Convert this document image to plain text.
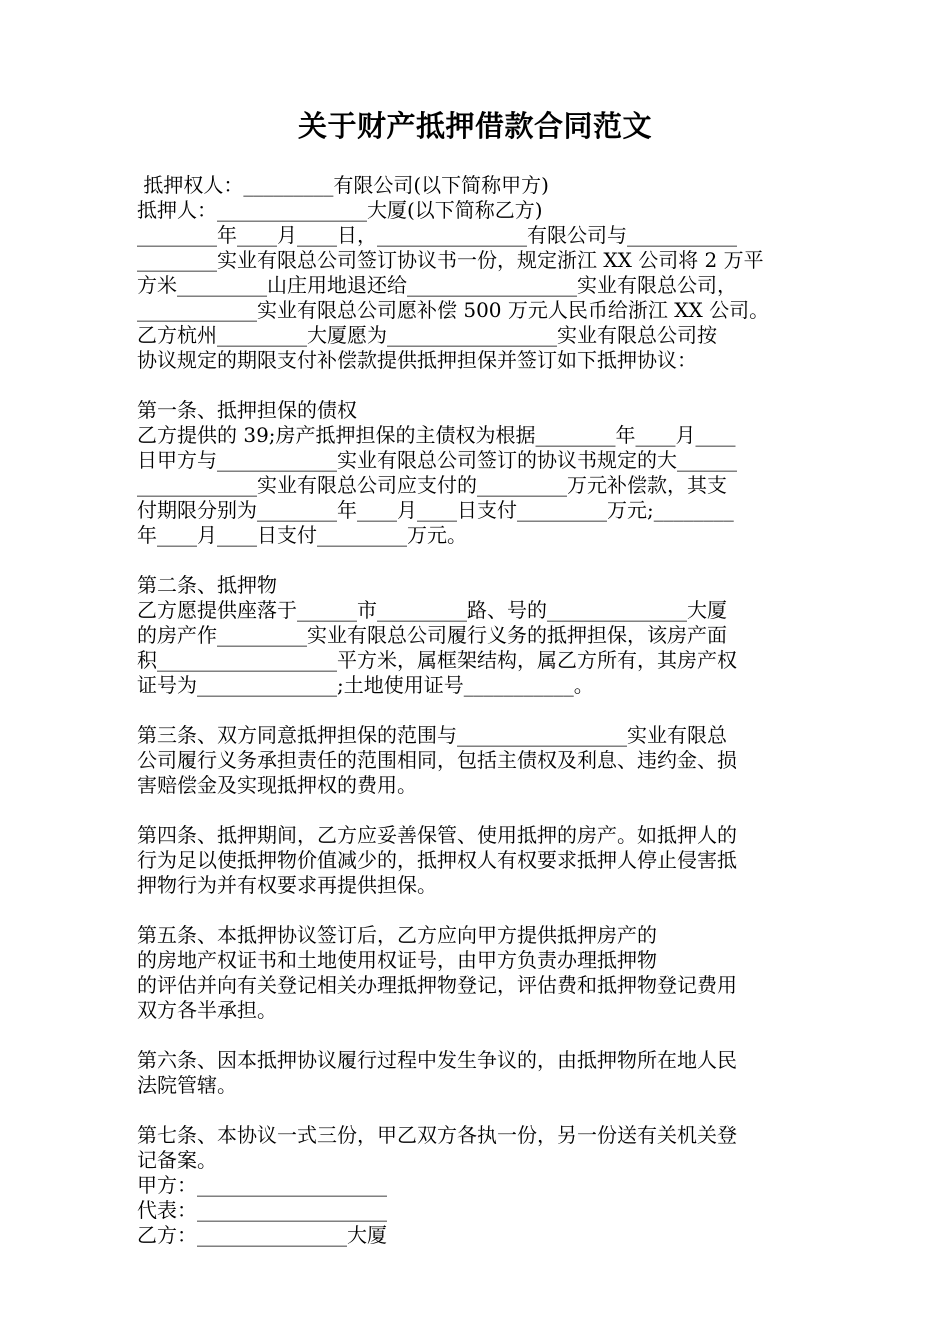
关于财产抵押借款合同范文
抵押权人：_________有限公司(以下简称甲方)
抵押人：_______________大厦(以下简称乙方)
________年____月____日，_______________有限公司与___________
________实业有限总公司签订协议书一份，规定浙江 XX 公司将 2 万平
方米_________山庄用地退还给_________________实业有限总公司，
____________实业有限总公司愿补偿 500 万元人民币给浙江 XX 公司。
乙方杭州_________大厦愿为_________________实业有限总公司按
协议规定的期限支付补偿款提供抵押担保并签订如下抵押协议：
第一条、抵押担保的债权
乙方提供的 39;房产抵押担保的主债权为根据________年____月____
日甲方与____________实业有限总公司签订的协议书规定的大______
____________实业有限总公司应支付的_________万元补偿款，其支
付期限分别为________年____月____日支付_________万元;________
年____月____日支付_________万元。
第二条、抵押物
乙方愿提供座落于______市_________路、号的______________大厦
的房产作_________实业有限总公司履行义务的抵押担保，该房产面
积__________________平方米，属框架结构，属乙方所有，其房产权
证号为______________;土地使用证号___________。
第三条、双方同意抵押担保的范围与_________________实业有限总
公司履行义务承担责任的范围相同，包括主债权及利息、违约金、损
害赔偿金及实现抵押权的费用。
第四条、抵押期间，乙方应妥善保管、使用抵押的房产。如抵押人的
行为足以使抵押物价值减少的，抵押权人有权要求抵押人停止侵害抵
押物行为并有权要求再提供担保。
第五条、本抵押协议签订后，乙方应向甲方提供抵押房产的
的房地产权证书和土地使用权证号，由甲方负责办理抵押物
的评估并向有关登记相关办理抵押物登记，评估费和抵押物登记费用
双方各半承担。
第六条、因本抵押协议履行过程中发生争议的，由抵押物所在地人民
法院管辖。
第七条、本协议一式三份，甲乙双方各执一份，另一份送有关机关登
记备案。
甲方：___________________
代表：___________________
乙方：_______________大厦
